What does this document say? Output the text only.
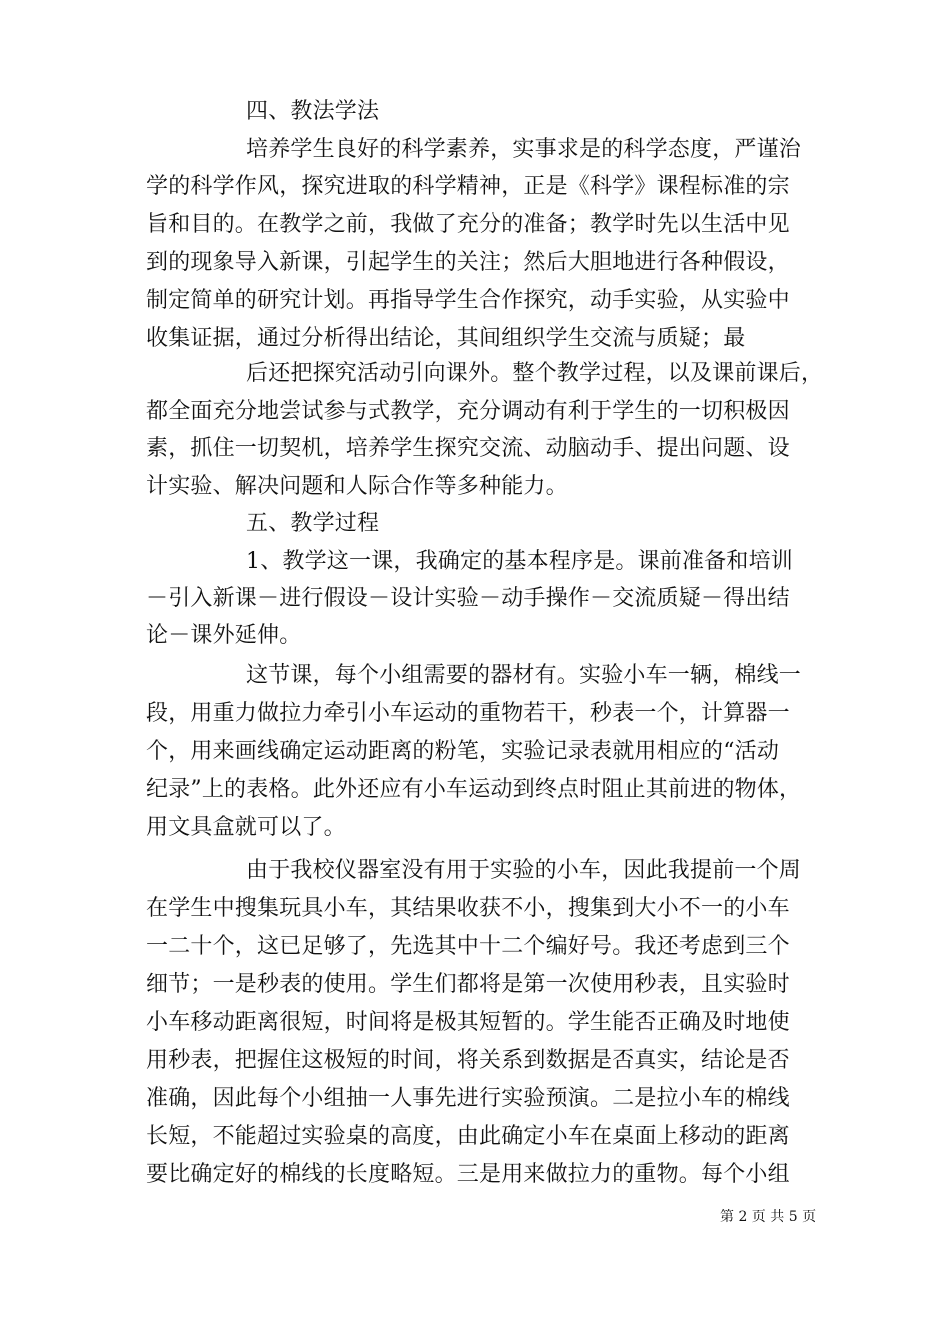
四、教法学法
培养学生良好的科学素养，实事求是的科学态度，严谨治
学的科学作风，探究进取的科学精神，正是《科学》课程标准的宗
旨和目的。在教学之前，我做了充分的准备；教学时先以生活中见
到的现象导入新课，引起学生的关注；然后大胆地进行各种假设，
制定简单的研究计划。再指导学生合作探究，动手实验，从实验中
收集证据，通过分析得出结论，其间组织学生交流与质疑；最
后还把探究活动引向课外。整个教学过程，以及课前课后，
都全面充分地尝试参与式教学，充分调动有利于学生的一切积极因
素，抓住一切契机，培养学生探究交流、动脑动手、提出问题、设
计实验、解决问题和人际合作等多种能力。
五、教学过程
1、教学这一课，我确定的基本程序是。课前准备和培训
－引入新课－进行假设－设计实验－动手操作－交流质疑－得出结
论－课外延伸。
这节课，每个小组需要的器材有。实验小车一辆，棉线一
段，用重力做拉力牵引小车运动的重物若干，秒表一个，计算器一
个，用来画线确定运动距离的粉笔，实验记录表就用相应的“活动
纪录”上的表格。此外还应有小车运动到终点时阻止其前进的物体，
用文具盒就可以了。
由于我校仪器室没有用于实验的小车，因此我提前一个周
在学生中搜集玩具小车，其结果收获不小，搜集到大小不一的小车
一二十个，这已足够了，先选其中十二个编好号。我还考虑到三个
细节；一是秒表的使用。学生们都将是第一次使用秒表，且实验时
小车移动距离很短，时间将是极其短暂的。学生能否正确及时地使
用秒表，把握住这极短的时间，将关系到数据是否真实，结论是否
准确，因此每个小组抽一人事先进行实验预演。二是拉小车的棉线
长短，不能超过实验桌的高度，由此确定小车在桌面上移动的距离
要比确定好的棉线的长度略短。三是用来做拉力的重物。每个小组
第 2 页 共 5 页
